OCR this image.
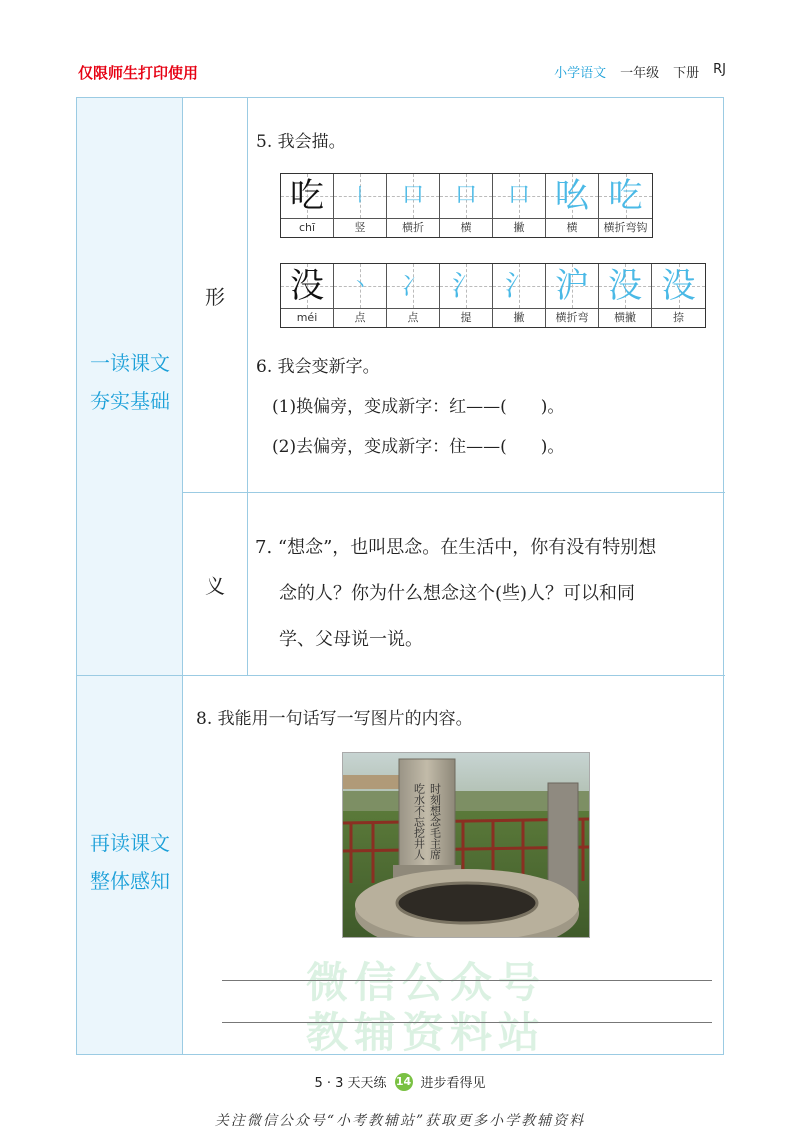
仅限师生打印使用	小学语文 一年级 下册 RJ
一读课文
夯实基础
再读课文
整体感知
形
义
5. 我会描。
吃
chī
丨
竖
口
横折
口
横
口
撇
吆
横
吃
横折弯钩
没
méi
丶
点
冫
点
氵
提
氵
撇
沪
横折弯
没
横撇
没
捺
6. 我会变新字。
(1)换偏旁，变成新字：红——(　　)。
(2)去偏旁，变成新字：住——(　　)。
7. “想念”，也叫思念。在生活中，你有没有特别想
念的人？你为什么想念这个(些)人？可以和同
学、父母说一说。
8. 我能用一句话写一写图片的内容。
微信公众号
教辅资料站
吃水不忘挖井人 时刻想念毛主席
5 · 3 天天练 14 进步看得见
关注微信公众号“小考教辅站”获取更多小学教辅资料
